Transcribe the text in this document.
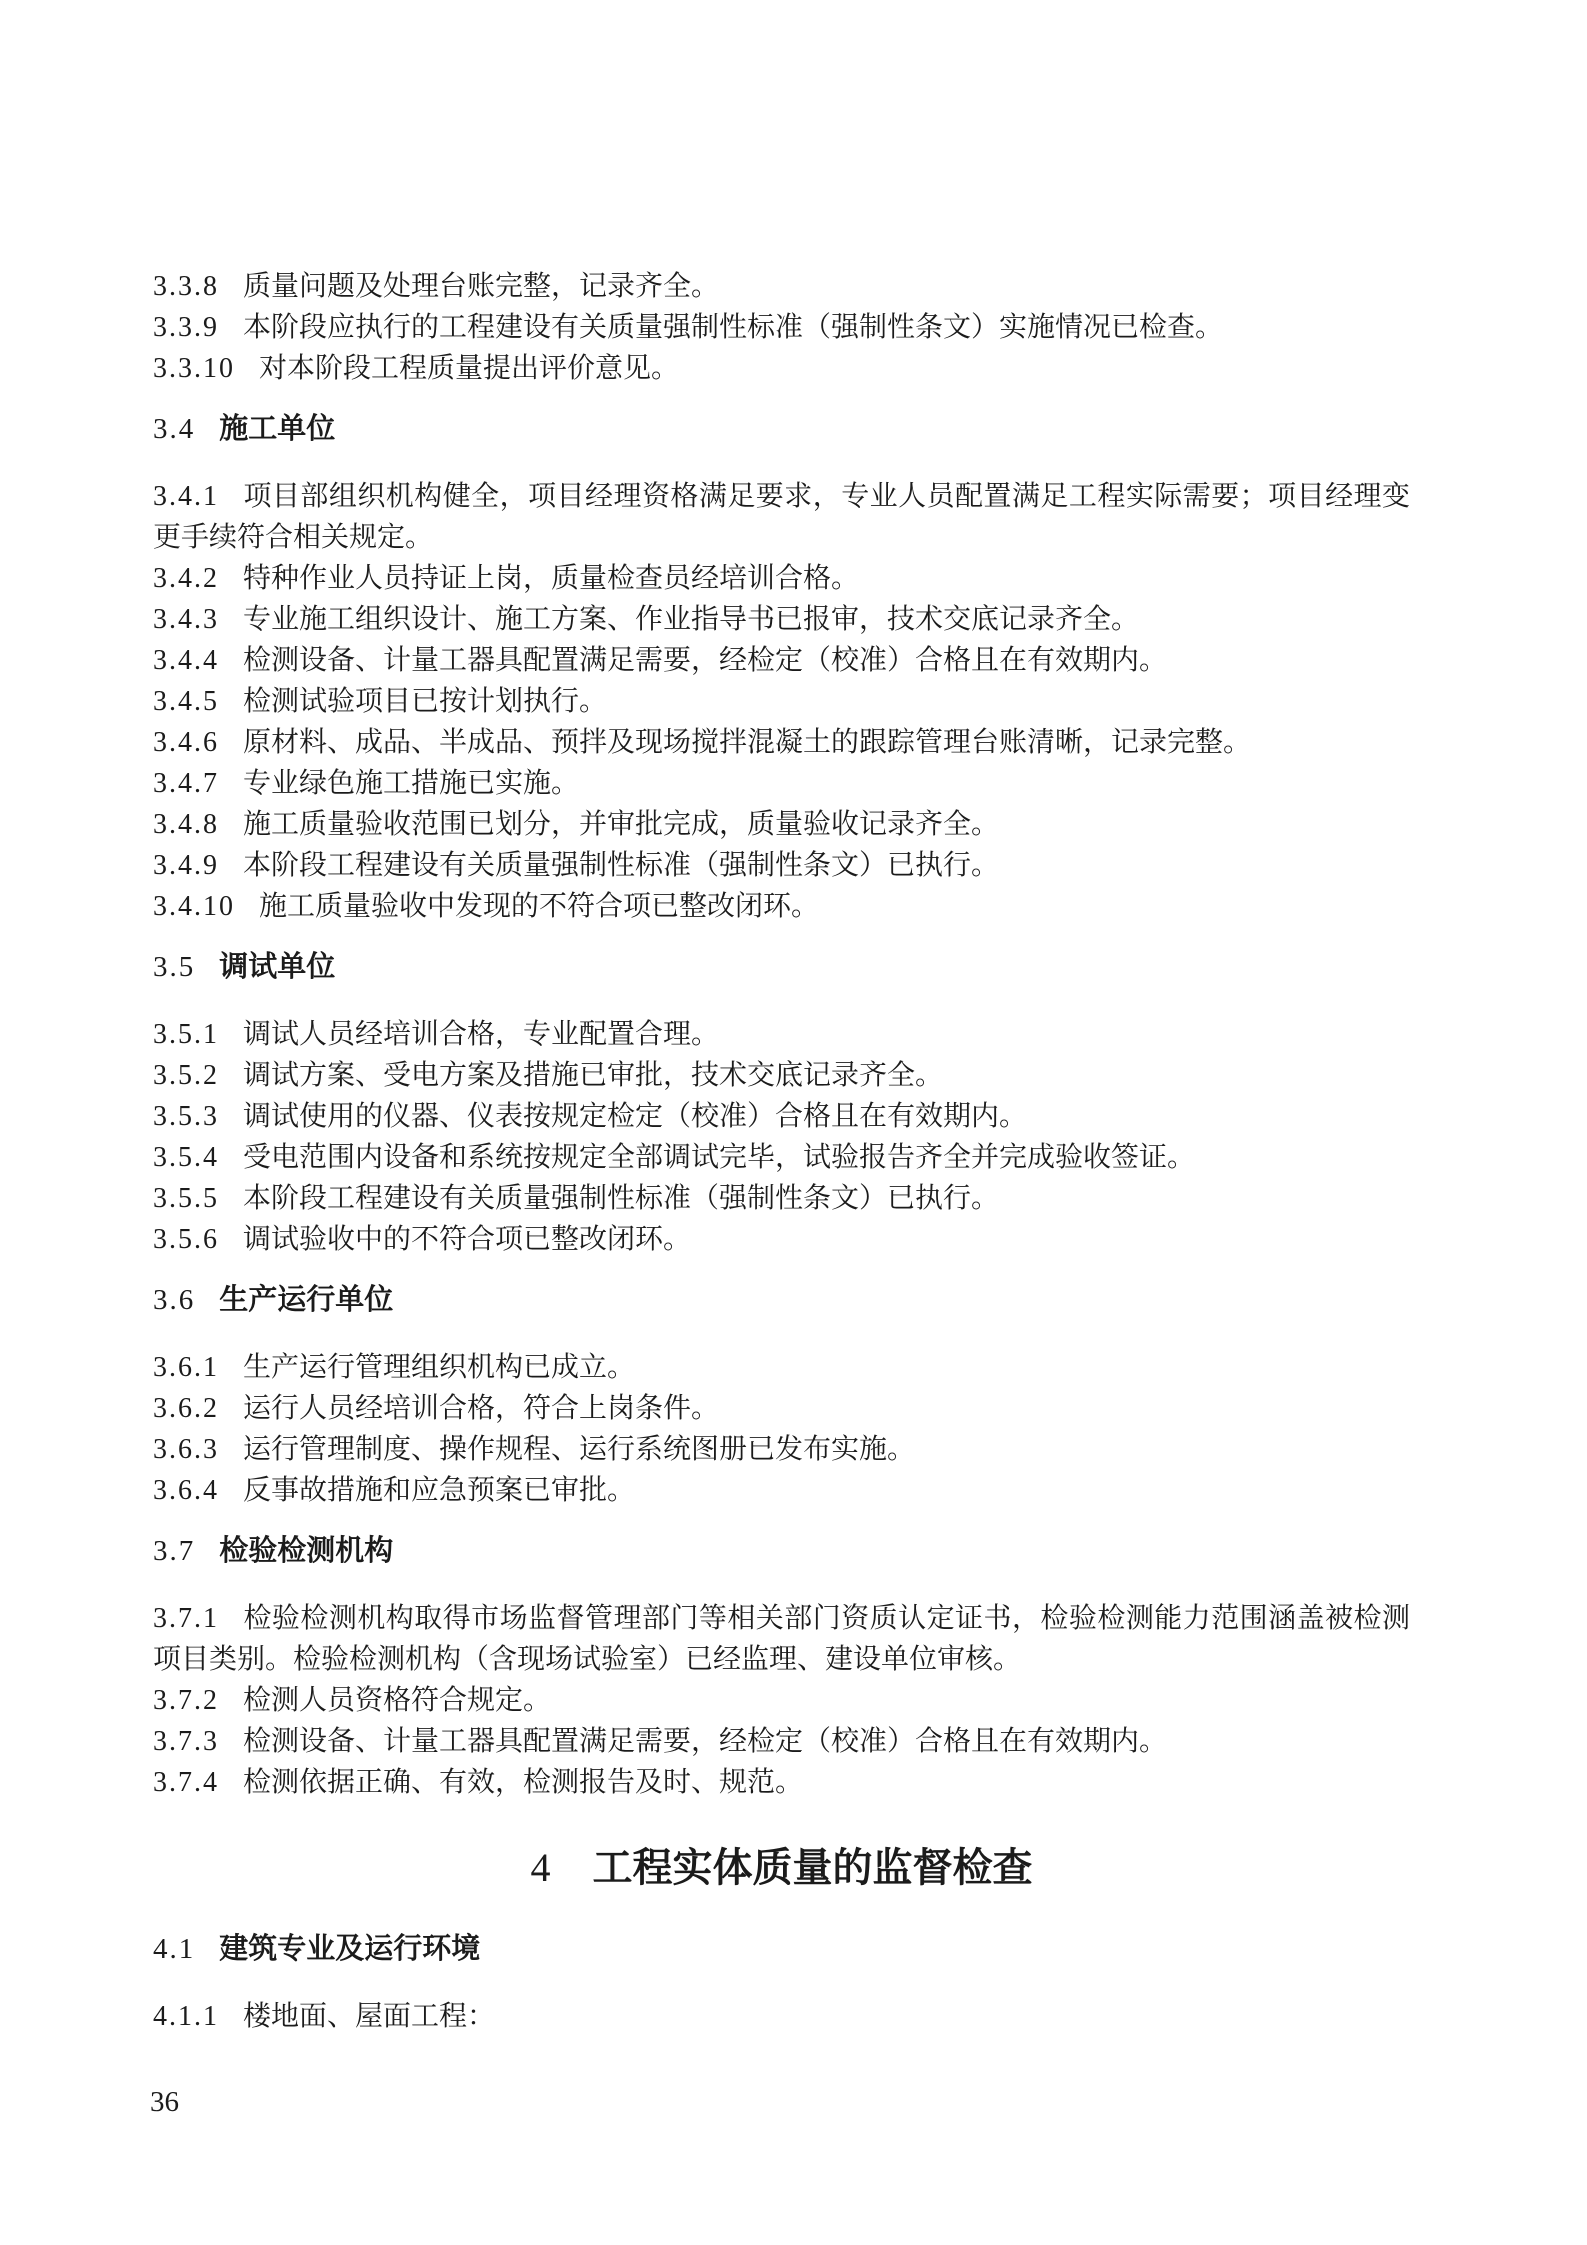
3.3.8 质量问题及处理台账完整，记录齐全。

3.3.9 本阶段应执行的工程建设有关质量强制性标准（强制性条文）实施情况已检查。

3.3.10 对本阶段工程质量提出评价意见。

3.4 施工单位

3.4.1 项目部组织机构健全，项目经理资格满足要求，专业人员配置满足工程实际需要；项目经理变更手续符合相关规定。

3.4.2 特种作业人员持证上岗，质量检查员经培训合格。

3.4.3 专业施工组织设计、施工方案、作业指导书已报审，技术交底记录齐全。

3.4.4 检测设备、计量工器具配置满足需要，经检定（校准）合格且在有效期内。

3.4.5 检测试验项目已按计划执行。

3.4.6 原材料、成品、半成品、预拌及现场搅拌混凝土的跟踪管理台账清晰，记录完整。

3.4.7 专业绿色施工措施已实施。

3.4.8 施工质量验收范围已划分，并审批完成，质量验收记录齐全。

3.4.9 本阶段工程建设有关质量强制性标准（强制性条文）已执行。

3.4.10 施工质量验收中发现的不符合项已整改闭环。

3.5 调试单位

3.5.1 调试人员经培训合格，专业配置合理。

3.5.2 调试方案、受电方案及措施已审批，技术交底记录齐全。

3.5.3 调试使用的仪器、仪表按规定检定（校准）合格且在有效期内。

3.5.4 受电范围内设备和系统按规定全部调试完毕，试验报告齐全并完成验收签证。

3.5.5 本阶段工程建设有关质量强制性标准（强制性条文）已执行。

3.5.6 调试验收中的不符合项已整改闭环。

3.6 生产运行单位

3.6.1 生产运行管理组织机构已成立。

3.6.2 运行人员经培训合格，符合上岗条件。

3.6.3 运行管理制度、操作规程、运行系统图册已发布实施。

3.6.4 反事故措施和应急预案已审批。

3.7 检验检测机构

3.7.1 检验检测机构取得市场监督管理部门等相关部门资质认定证书，检验检测能力范围涵盖被检测项目类别。检验检测机构（含现场试验室）已经监理、建设单位审核。

3.7.2 检测人员资格符合规定。

3.7.3 检测设备、计量工器具配置满足需要，经检定（校准）合格且在有效期内。

3.7.4 检测依据正确、有效，检测报告及时、规范。

4 工程实体质量的监督检查

4.1 建筑专业及运行环境

4.1.1 楼地面、屋面工程：

36
